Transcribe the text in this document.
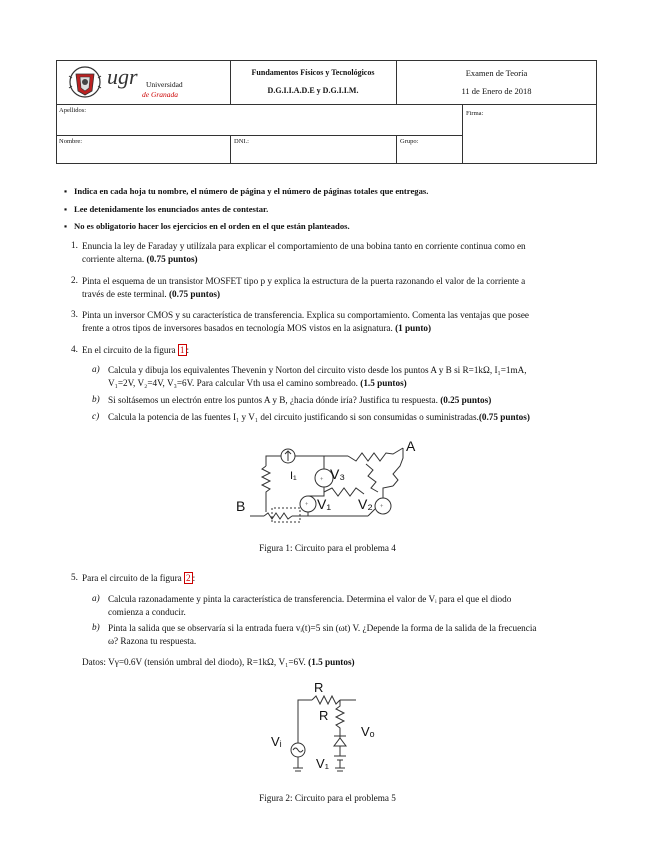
ugr Universidad
de Granada
Fundamentos Físicos y Tecnológicos
D.G.I.I.A.D.E y D.G.I.I.M.
Examen de Teoría
11 de Enero de 2018
Apellidos:	Firma:
Nombre:	DNI.:	Grupo:
▪ Indica en cada hoja tu nombre, el número de página y el número de páginas totales que entregas.
▪ Lee detenidamente los enunciados antes de contestar.
▪ No es obligatorio hacer los ejercicios en el orden en el que están planteados.
1. Enuncia la ley de Faraday y utilízala para explicar el comportamiento de una bobina tanto en corriente continua como en
corriente alterna. (0.75 puntos)
2. Pinta el esquema de un transistor MOSFET tipo p y explica la estructura de la puerta razonando el valor de la corriente a
través de este terminal. (0.75 puntos)
3. Pinta un inversor CMOS y su característica de transferencia. Explica su comportamiento. Comenta las ventajas que posee
frente a otros tipos de inversores basados en tecnología MOS vistos en la asignatura. (1 punto)
4. En el circuito de la figura 1 :
a) Calcula y dibuja los equivalentes Thevenin y Norton del circuito visto desde los puntos A y B si R=1kΩ, I₁=1mA,
V₁=2V, V₂=4V, V₃=6V. Para calcular Vth usa el camino sombreado. (1.5 puntos)
b) Si soltásemos un electrón entre los puntos A y B, ¿hacia dónde iría? Justifica tu respuesta. (0.25 puntos)
c) Calcula la potencia de las fuentes I₁ y V₁ del circuito justificando si son consumidas o suministradas.(0.75 puntos)
+
+	+
A
B
I₁ V₃
V₁ V₂
Figura 1: Circuito para el problema 4
5. Para el circuito de la figura 2 :
a) Calcula razonadamente y pinta la característica de transferencia. Determina el valor de Vᵢ para el que el diodo
comienza a conducir.
b) Pinta la salida que se observaría si la entrada fuera vᵢ(t)=5 sin (ωt) V. ¿Depende la forma de la salida de la frecuencia
ω? Razona tu respuesta.
Datos: Vγ=0.6V (tensión umbral del diodo), R=1kΩ, V₁=6V. (1.5 puntos)
R
R
Vₒ
Vᵢ
V₁
Figura 2: Circuito para el problema 5
